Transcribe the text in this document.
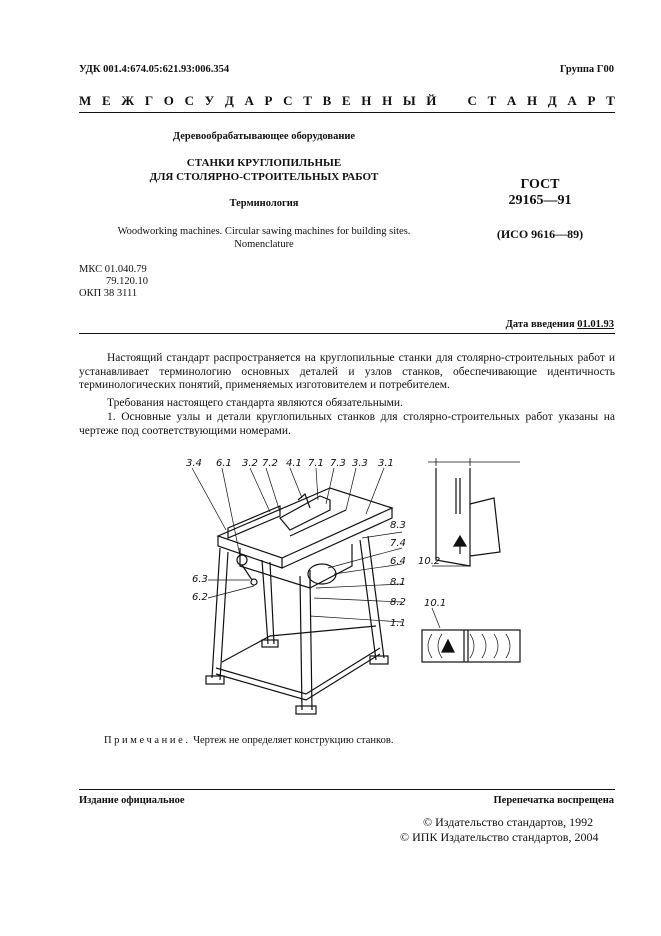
УДК 001.4:674.05:621.93:006.354	Группа Г00
М Е Ж Г О С У Д А Р С Т В Е Н Н Ы Й
С Т А Н Д А Р Т
Деревообрабатывающее оборудование
СТАНКИ КРУГЛОПИЛЬНЫЕ
ДЛЯ СТОЛЯРНО-СТРОИТЕЛЬНЫХ РАБОТ
Терминология
Woodworking machines. Circular sawing machines for building sites.
Nomenclature
ГОСТ
29165—91
(ИСО 9616—89)
МКС 01.040.79
79.120.10
ОКП 38 3111
Дата введения 01.01.93
Настоящий стандарт распространяется на круглопильные станки для столярно-строительных работ и устанавливает терминологию основных деталей и узлов станков, обеспечивающие идентичность терминологических понятий, применяемых изготовителем и потребителем.
Требования настоящего стандарта являются обязательными.
1. Основные узлы и детали круглопильных станков для столярно-строительных работ указаны на чертеже под соответствующими номерами.
3.4 6.1 3.2 7.2 4.1 7.1 7.3 3.3 3.1
8.3
7.4
6.4
8.1
8.2
1.1
6.3
6.2
10.2
10.1
Примечание. Чертеж не определяет конструкцию станков.
Издание официальное	Перепечатка воспрещена
© Издательство стандартов, 1992
© ИПК Издательство стандартов, 2004
